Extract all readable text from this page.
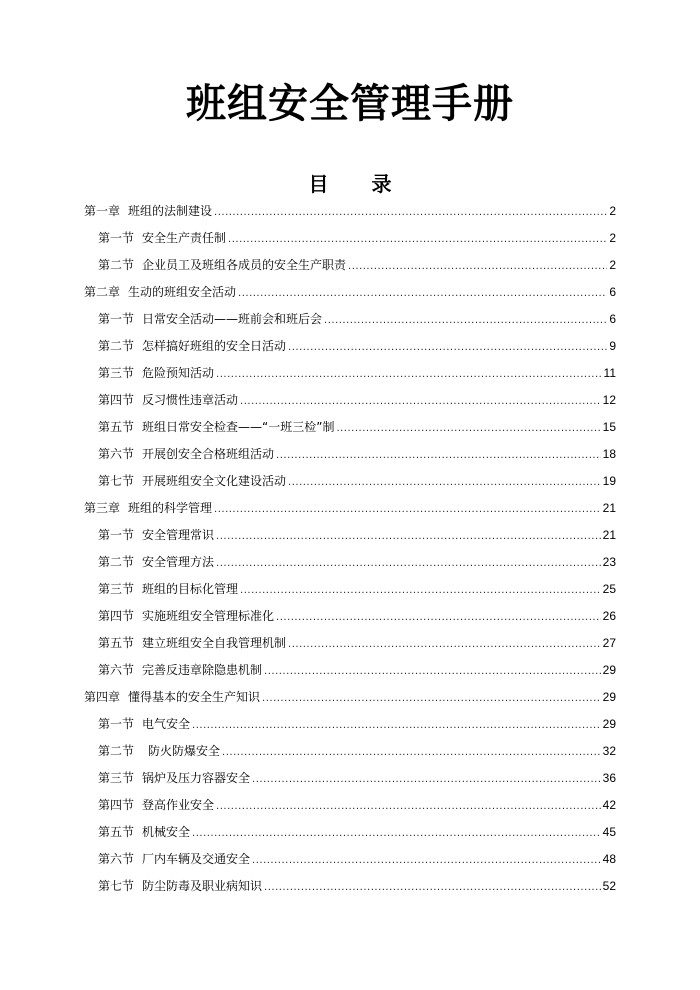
班组安全管理手册
目 录
第一章 班组的法制建设 .....	2
第一节 安全生产责任制 .....	2
第二节 企业员工及班组各成员的安全生产职责 .....	2
第二章 生动的班组安全活动 .....	6
第一节 日常安全活动——班前会和班后会 .....	6
第二节 怎样搞好班组的安全日活动 .....	9
第三节 危险预知活动 .....	11
第四节 反习惯性违章活动 .....	12
第五节 班组日常安全检查——“一班三检”制 .....	15
第六节 开展创安全合格班组活动 .....	18
第七节 开展班组安全文化建设活动 .....	19
第三章 班组的科学管理 .....	21
第一节 安全管理常识 .....	21
第二节 安全管理方法 .....	23
第三节 班组的目标化管理 .....	25
第四节 实施班组安全管理标准化 .....	26
第五节 建立班组安全自我管理机制 .....	27
第六节 完善反违章除隐患机制 .....	29
第四章 懂得基本的安全生产知识 .....	29
第一节 电气安全 .....	29
第二节 防火防爆安全 .....	32
第三节 锅炉及压力容器安全 .....	36
第四节 登高作业安全 .....	42
第五节 机械安全 .....	45
第六节 厂内车辆及交通安全 .....	48
第七节 防尘防毒及职业病知识 .....	52
